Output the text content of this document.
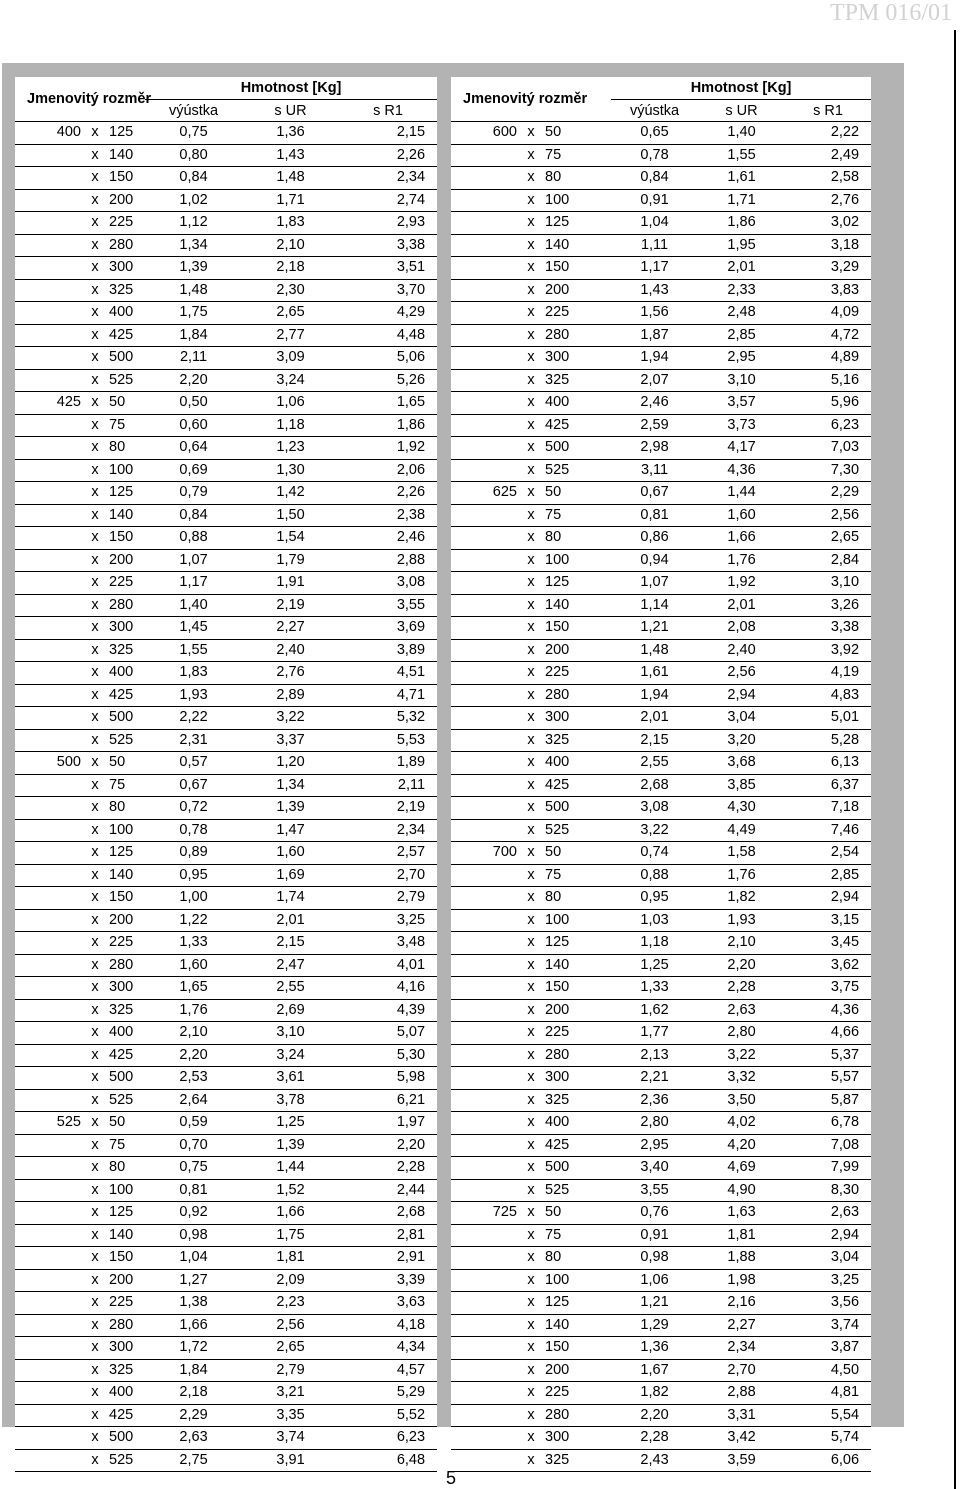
TPM 016/01
Jmenovitý rozměr			Hmotnost [Kg]		
			výústka	s UR	s R1
400	x	125	0,75	1,36	2,15
	x	140	0,80	1,43	2,26
	x	150	0,84	1,48	2,34
	x	200	1,02	1,71	2,74
	x	225	1,12	1,83	2,93
	x	280	1,34	2,10	3,38
	x	300	1,39	2,18	3,51
	x	325	1,48	2,30	3,70
	x	400	1,75	2,65	4,29
	x	425	1,84	2,77	4,48
	x	500	2,11	3,09	5,06
	x	525	2,20	3,24	5,26
425	x	50	0,50	1,06	1,65
	x	75	0,60	1,18	1,86
	x	80	0,64	1,23	1,92
	x	100	0,69	1,30	2,06
	x	125	0,79	1,42	2,26
	x	140	0,84	1,50	2,38
	x	150	0,88	1,54	2,46
	x	200	1,07	1,79	2,88
	x	225	1,17	1,91	3,08
	x	280	1,40	2,19	3,55
	x	300	1,45	2,27	3,69
	x	325	1,55	2,40	3,89
	x	400	1,83	2,76	4,51
	x	425	1,93	2,89	4,71
	x	500	2,22	3,22	5,32
	x	525	2,31	3,37	5,53
500	x	50	0,57	1,20	1,89
	x	75	0,67	1,34	2,11
	x	80	0,72	1,39	2,19
	x	100	0,78	1,47	2,34
	x	125	0,89	1,60	2,57
	x	140	0,95	1,69	2,70
	x	150	1,00	1,74	2,79
	x	200	1,22	2,01	3,25
	x	225	1,33	2,15	3,48
	x	280	1,60	2,47	4,01
	x	300	1,65	2,55	4,16
	x	325	1,76	2,69	4,39
	x	400	2,10	3,10	5,07
	x	425	2,20	3,24	5,30
	x	500	2,53	3,61	5,98
	x	525	2,64	3,78	6,21
525	x	50	0,59	1,25	1,97
	x	75	0,70	1,39	2,20
	x	80	0,75	1,44	2,28
	x	100	0,81	1,52	2,44
	x	125	0,92	1,66	2,68
	x	140	0,98	1,75	2,81
	x	150	1,04	1,81	2,91
	x	200	1,27	2,09	3,39
	x	225	1,38	2,23	3,63
	x	280	1,66	2,56	4,18
	x	300	1,72	2,65	4,34
	x	325	1,84	2,79	4,57
	x	400	2,18	3,21	5,29
	x	425	2,29	3,35	5,52
	x	500	2,63	3,74	6,23
	x	525	2,75	3,91	6,48
Jmenovitý rozměr			Hmotnost [Kg]		
			výústka	s UR	s R1
600	x	50	0,65	1,40	2,22
	x	75	0,78	1,55	2,49
	x	80	0,84	1,61	2,58
	x	100	0,91	1,71	2,76
	x	125	1,04	1,86	3,02
	x	140	1,11	1,95	3,18
	x	150	1,17	2,01	3,29
	x	200	1,43	2,33	3,83
	x	225	1,56	2,48	4,09
	x	280	1,87	2,85	4,72
	x	300	1,94	2,95	4,89
	x	325	2,07	3,10	5,16
	x	400	2,46	3,57	5,96
	x	425	2,59	3,73	6,23
	x	500	2,98	4,17	7,03
	x	525	3,11	4,36	7,30
625	x	50	0,67	1,44	2,29
	x	75	0,81	1,60	2,56
	x	80	0,86	1,66	2,65
	x	100	0,94	1,76	2,84
	x	125	1,07	1,92	3,10
	x	140	1,14	2,01	3,26
	x	150	1,21	2,08	3,38
	x	200	1,48	2,40	3,92
	x	225	1,61	2,56	4,19
	x	280	1,94	2,94	4,83
	x	300	2,01	3,04	5,01
	x	325	2,15	3,20	5,28
	x	400	2,55	3,68	6,13
	x	425	2,68	3,85	6,37
	x	500	3,08	4,30	7,18
	x	525	3,22	4,49	7,46
700	x	50	0,74	1,58	2,54
	x	75	0,88	1,76	2,85
	x	80	0,95	1,82	2,94
	x	100	1,03	1,93	3,15
	x	125	1,18	2,10	3,45
	x	140	1,25	2,20	3,62
	x	150	1,33	2,28	3,75
	x	200	1,62	2,63	4,36
	x	225	1,77	2,80	4,66
	x	280	2,13	3,22	5,37
	x	300	2,21	3,32	5,57
	x	325	2,36	3,50	5,87
	x	400	2,80	4,02	6,78
	x	425	2,95	4,20	7,08
	x	500	3,40	4,69	7,99
	x	525	3,55	4,90	8,30
725	x	50	0,76	1,63	2,63
	x	75	0,91	1,81	2,94
	x	80	0,98	1,88	3,04
	x	100	1,06	1,98	3,25
	x	125	1,21	2,16	3,56
	x	140	1,29	2,27	3,74
	x	150	1,36	2,34	3,87
	x	200	1,67	2,70	4,50
	x	225	1,82	2,88	4,81
	x	280	2,20	3,31	5,54
	x	300	2,28	3,42	5,74
	x	325	2,43	3,59	6,06
5
